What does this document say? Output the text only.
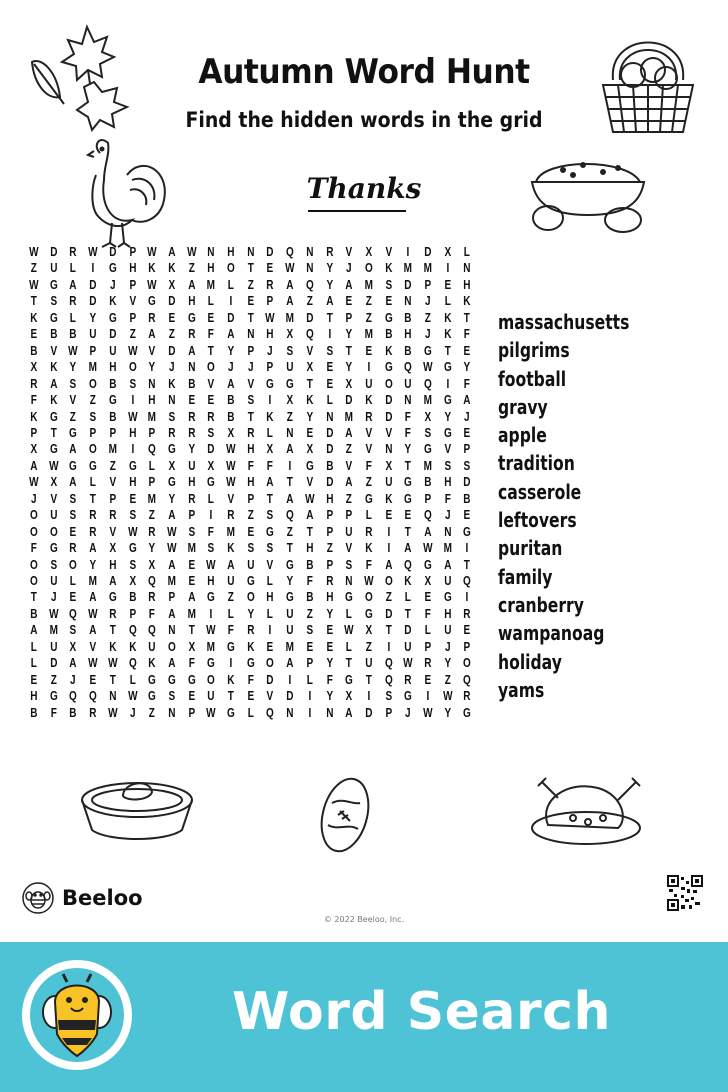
Autumn Word Hunt
Find the hidden words in the grid
Thanks
W D R W D	P W A W N H N D Q N R	V	X	V	I	D	X	L
Z	U	L	I	G H K K	Z	H O	T	E W N	Y	J	O K M M	I	N
W G A D	J	P W X	A M L	Z	R A Q Y	A M S	D	P	E	H
T	S	R D K	V G D H	L	I	E	P	A	Z	A	E	Z	E	N	J	L	K
K G	L	Y G P	R	E G E	D	T W M D	T	P	Z	G B	Z	K	T
E	B B U D	Z	A	Z	R	F	A N H	X Q	I	Y M B H	J	K	F
B	V W P	U W V	D A	T	Y	P	J	S	V	S	T	E	K B G	T	E
X	K	Y M H O Y	J	N O	J	J	P	U	X	E	Y	I	G Q W G Y
R A	S O B	S	N K B	V	A	V G G	T	E	X	U O U Q	I	F
F	K	V	Z	G	I	H N	E	E	B	S	I	X	K	L	D K D N M G A
K G	Z	S	B W M S	R R B	T	K	Z	Y	N M R D	F	X	Y	J
P	T	G P	P	H	P	R R	S	X	R	L	N	E	D A	V	V	F	S G E
X G A O M	I	Q G Y	D W H	X	A	X	D	Z	V	N	Y G V	P
A W G G	Z	G	L	X	U	X W F	F	I	G B	V	F	X	T M S	S
W X	A	L	V	H	P G H G W H A	T	V	D A	Z	U G B H D
J	V	S	T	P	E M Y	R	L	V	P	T	A W H	Z	G K G P	F	B
O U	S	R R	S	Z	A	P	I	R	Z	S Q A	P	P	L	E	E Q	J	E
O O E	R	V W R W S	F M E G	Z	T	P	U R	I	T	A N G
F	G R A	X G Y W M S	K	S	S	T	H	Z	V	K	I	A W M	I
O S O Y	H	S	X	A	E W A U	V G B	P	S	F	A Q G A	T
O U	L M A	X Q M E	H U G	L	Y	F	R N W O K	X	U Q
T	J	E	A G B R	P	A G	Z	O H G B H G O	Z	L	E G	I
B W Q W R	P	F	A M	I	L	Y	L	U	Z	Y	L	G D	T	F	H R
A M S	A	T	Q Q N	T W F	R	I	U	S	E W X	T	D	L	U	E
L	U	X	V	K K U O X M G K	E M E	E	L	Z	I	U	P	J	P
L	D A W W Q K A	F	G	I	G O A	P	Y	T	U Q W R	Y O
E	Z	J	E	T	L	G G G O K	F	D	I	L	F	G	T	Q R	E	Z	Q
H G Q Q N W G S	E	U	T	E	V	D	I	Y	X	I	S G	I	W R
B	F	B R W J	Z	N	P W G	L	Q N	I	N A D	P	J W Y G
massachusetts
pilgrims
football
gravy
apple
tradition
casserole
leftovers
puritan
family
cranberry
wampanoag
holiday
yams
Beeloo
© 2022 Beeloo, Inc.
Word Search
